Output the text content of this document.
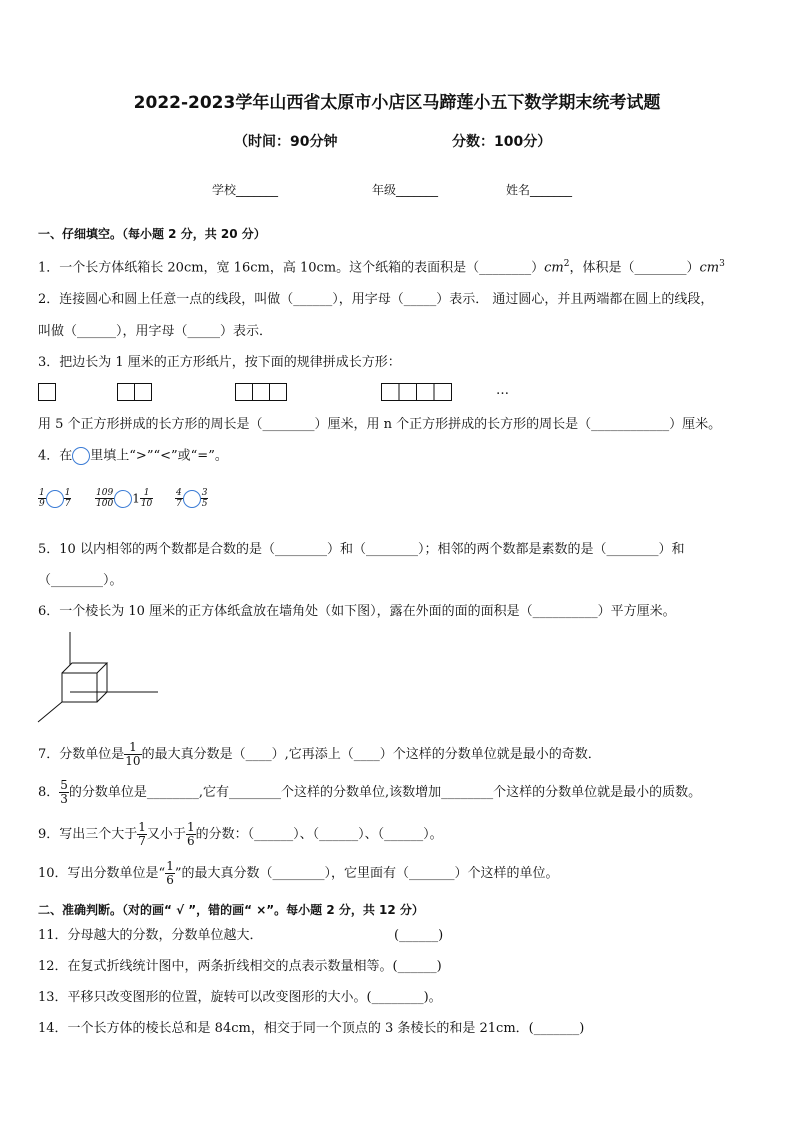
2022-2023学年山西省太原市小店区马蹄莲小五下数学期末统考试题
（时间：90分钟	分数：100分）
学校_______	年级_______	姓名_______
一、仔细填空。（每小题 2 分，共 20 分）
1．一个长方体纸箱长 20cm，宽 16cm，高 10cm。这个纸箱的表面积是$(\_\_\_\_\_\_\_\_)cm^2$，体积是$(\_\_\_\_\_\_\_\_)cm^3$
2．连接圆心和圆上任意一点的线段，叫做（______），用字母（_____）表示． 通过圆心，并且两端都在圆上的线段，
叫做（______），用字母（_____）表示．
3．把边长为 1 厘米的正方形纸片，按下面的规律拼成长方形：
…
用 5 个正方形拼成的长方形的周长是（________）厘米，用 n 个正方形拼成的长方形的周长是（____________）厘米。
4．在 里填上“>”“<”或“=”。
$\frac{1}{9} \frac{1}{7}$	$\frac{109}{100} 1 \frac{1}{10} \frac{4}{7} \frac{3}{5}$
5．10 以内相邻的两个数都是合数的是（________）和（________）；相邻的两个数都是素数的是（________）和
（________）。
6．一个棱长为 10 厘米的正方体纸盒放在墙角处（如下图），露在外面的面的面积是（__________）平方厘米。
7．分数单位是 $\frac{1}{10}$ 的最大真分数是（____）,它再添上（____）个这样的分数单位就是最小的奇数．
8． $\frac{5}{3}$ 的分数单位是________,它有________个这样的分数单位,该数增加________个这样的分数单位就是最小的质数。
9．写出三个大于 $\frac{1}{7}$ 又小于 $\frac{1}{6}$ 的分数：（______）、（______）、（______）。
10．写出分数单位是“ $\frac{1}{6}$ ”的最大真分数（________），它里面有（_______）个这样的单位。
二、准确判断。（对的画“ √ ”，错的画“ ×”。每小题 2 分，共 12 分）
11．分母越大的分数，分数单位越大．	(______)
12．在复式折线统计图中，两条折线相交的点表示数量相等。(______)
13．平移只改变图形的位置，旋转可以改变图形的大小。(________)。
14．一个长方体的棱长总和是 84cm，相交于同一个顶点的 3 条棱长的和是 21cm．(_______)
